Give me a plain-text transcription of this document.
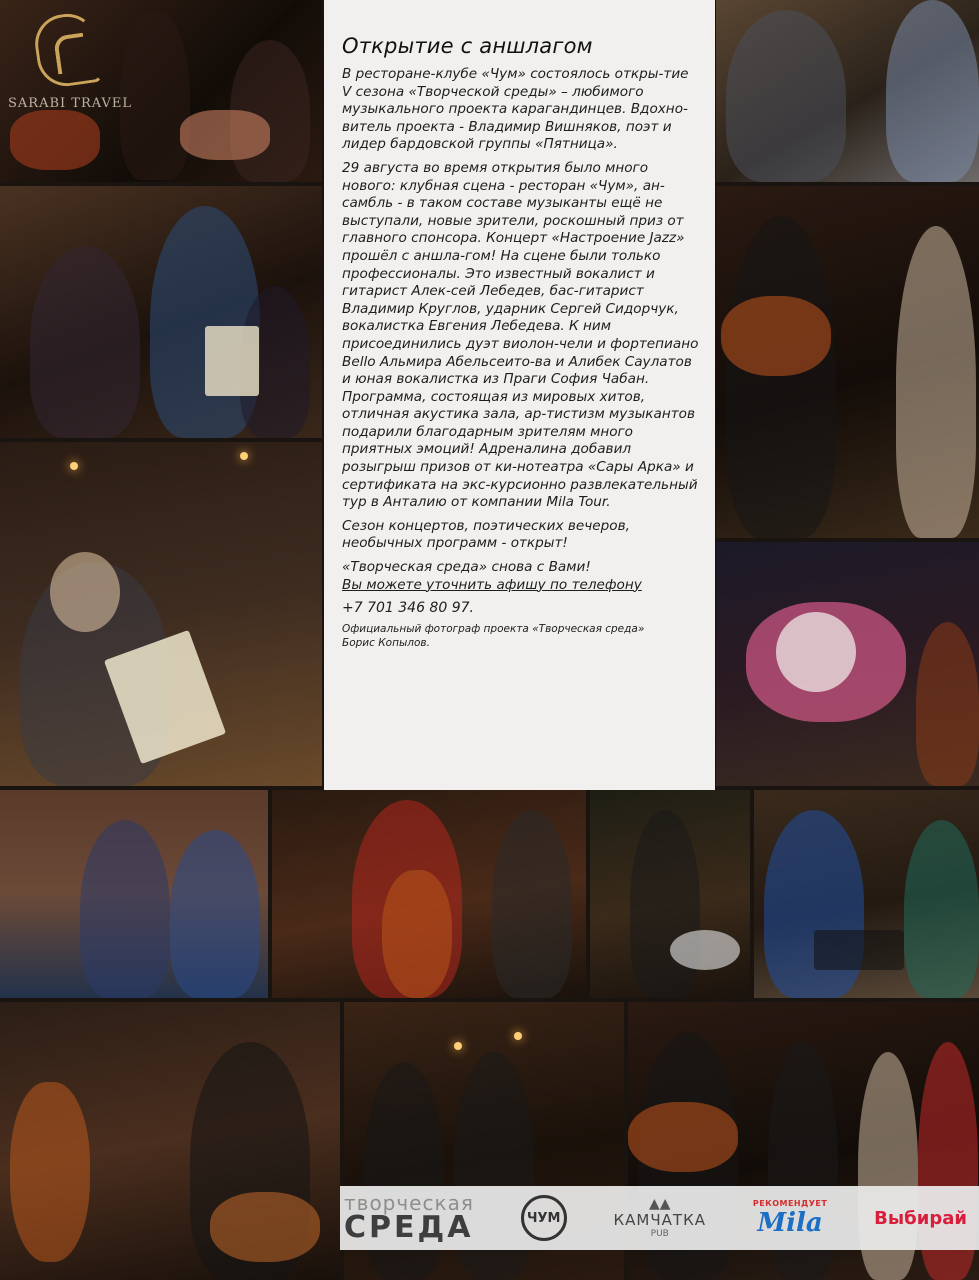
SARABI TRAVEL
Открытие с аншлагом

В ресторане-клубе «Чум» состоялось откры-тие V сезона «Творческой среды» – любимого музыкального проекта карагандинцев. Вдохно-витель проекта - Владимир Вишняков, поэт и лидер бардовской группы «Пятница».

29 августа во время открытия было много нового: клубная сцена - ресторан «Чум», ан-самбль - в таком составе музыканты ещё не выступали, новые зрители, роскошный приз от главного спонсора. Концерт «Настроение Jazz» прошёл с аншла-гом! На сцене были только профессионалы. Это известный вокалист и гитарист Алек-сей Лебедев, бас-гитарист Владимир Круглов, ударник Сергей Сидорчук, вокалистка Евгения Лебедева. К ним присоединились дуэт виолон-чели и фортепиано Bello Альмира Абельсеито-ва и Алибек Саулатов и юная вокалистка из Праги София Чабан. Программа, состоящая из мировых хитов, отличная акустика зала, ар-тистизм музыкантов подарили благодарным зрителям много приятных эмоций! Адреналина добавил розыгрыш призов от ки-нотеатра «Сары Арка» и сертификата на экс-курсионно развлекательный тур в Анталию от компании Mila Tour.

Сезон концертов, поэтических вечеров, необычных программ - открыт!

«Творческая среда» снова с Вами!

Вы можете уточнить афишу по телефону

+7 701 346 80 97.

Официальный фотограф проекта «Творческая среда»

Борис Копылов.

творческая
СРЕДА	ЧУМ
▲▲
КАМЧАТКА
PUB
РЕКОМЕНДУЕТ
Mila	Выбирай
